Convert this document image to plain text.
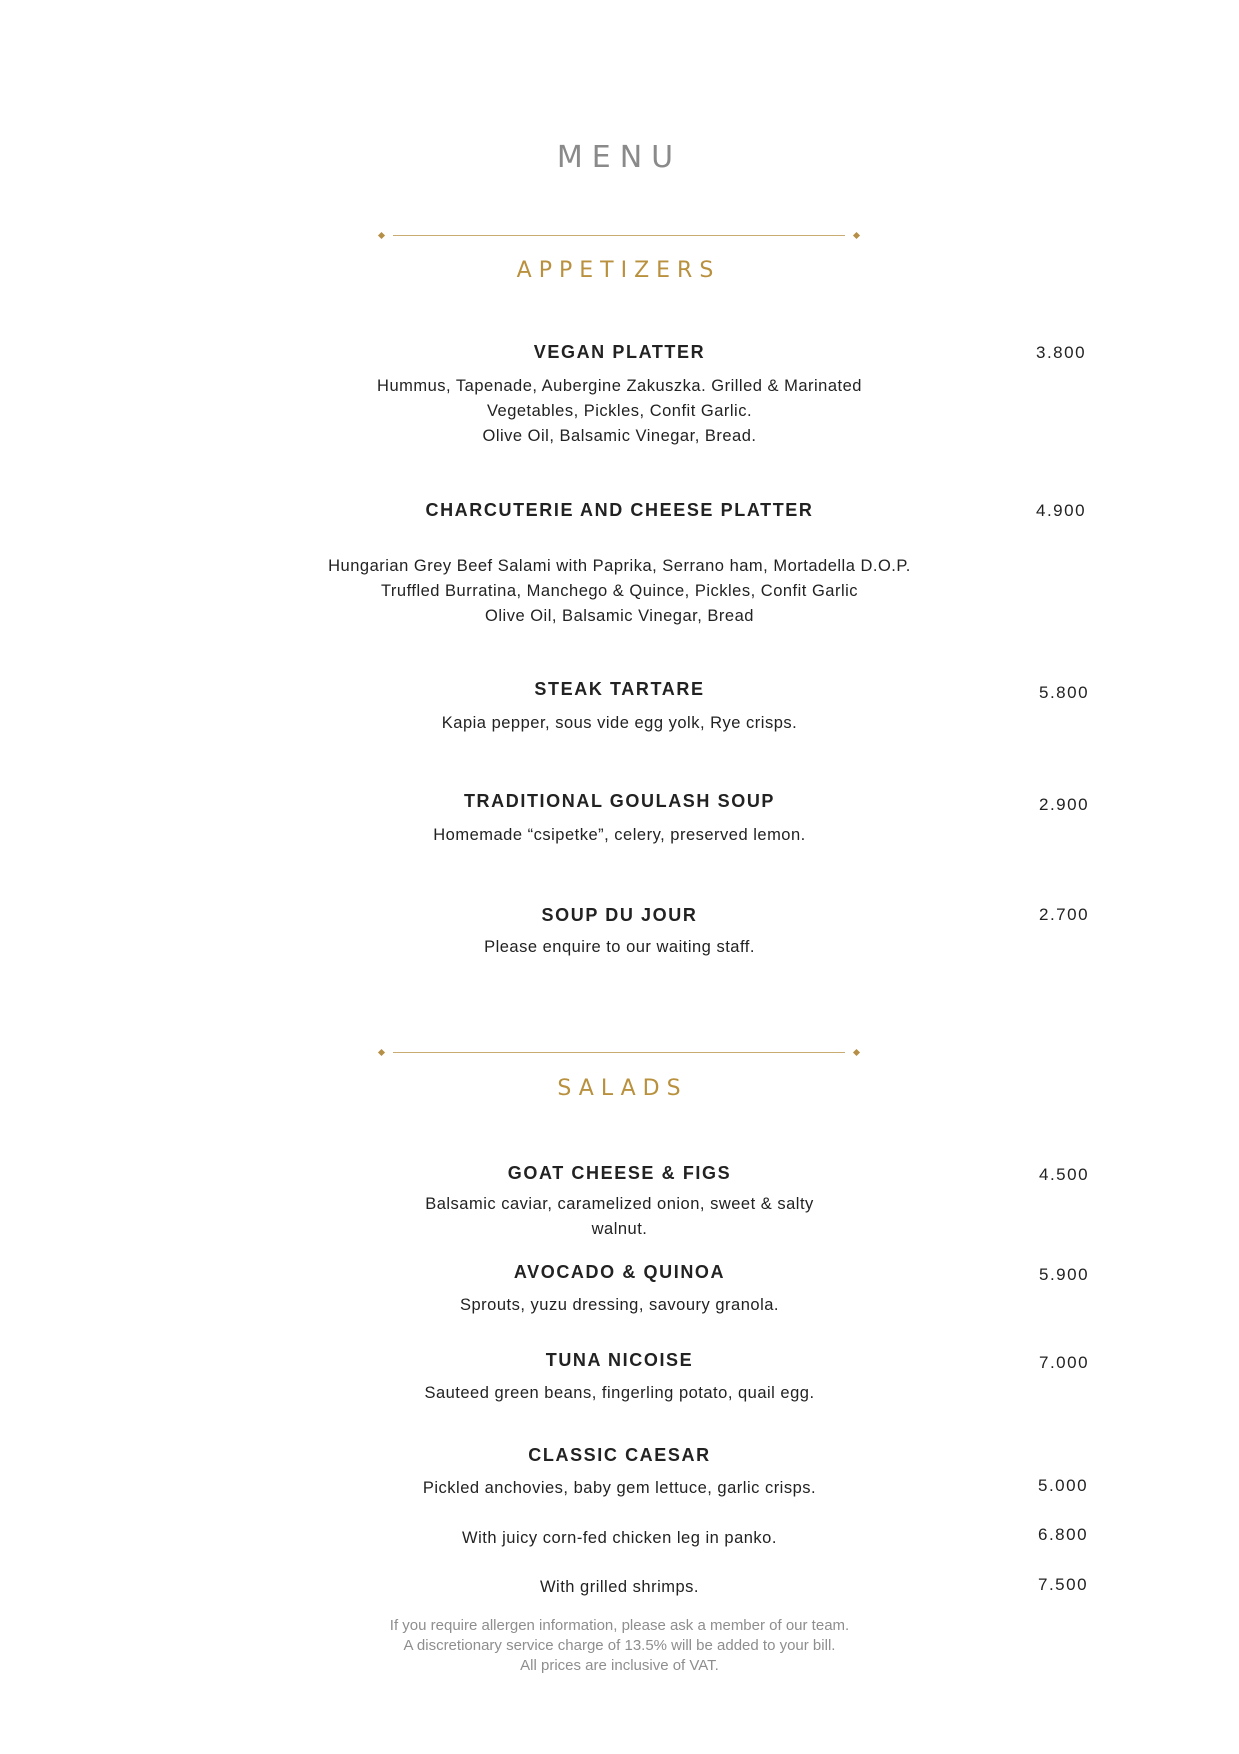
MENU
APPETIZERS
VEGAN PLATTER	3.800
Hummus, Tapenade, Aubergine Zakuszka. Grilled & Marinated
Vegetables, Pickles, Confit Garlic.
Olive Oil, Balsamic Vinegar, Bread.
CHARCUTERIE AND CHEESE PLATTER	4.900
Hungarian Grey Beef Salami with Paprika, Serrano ham, Mortadella D.O.P.
Truffled Burratina, Manchego & Quince, Pickles, Confit Garlic
Olive Oil, Balsamic Vinegar, Bread
STEAK TARTARE	5.800
Kapia pepper, sous vide egg yolk, Rye crisps.
TRADITIONAL GOULASH SOUP	2.900
Homemade “csipetke”, celery, preserved lemon.
SOUP DU JOUR	2.700
Please enquire to our waiting staff.
SALADS
GOAT CHEESE & FIGS	4.500
Balsamic caviar, caramelized onion, sweet & salty
walnut.
AVOCADO & QUINOA	5.900
Sprouts, yuzu dressing, savoury granola.
TUNA NICOISE	7.000
Sauteed green beans, fingerling potato, quail egg.
CLASSIC CAESAR
Pickled anchovies, baby gem lettuce, garlic crisps.	5.000
With juicy corn-fed chicken leg in panko.	6.800
With grilled shrimps.	7.500
If you require allergen information, please ask a member of our team.
A discretionary service charge of 13.5% will be added to your bill.
All prices are inclusive of VAT.
